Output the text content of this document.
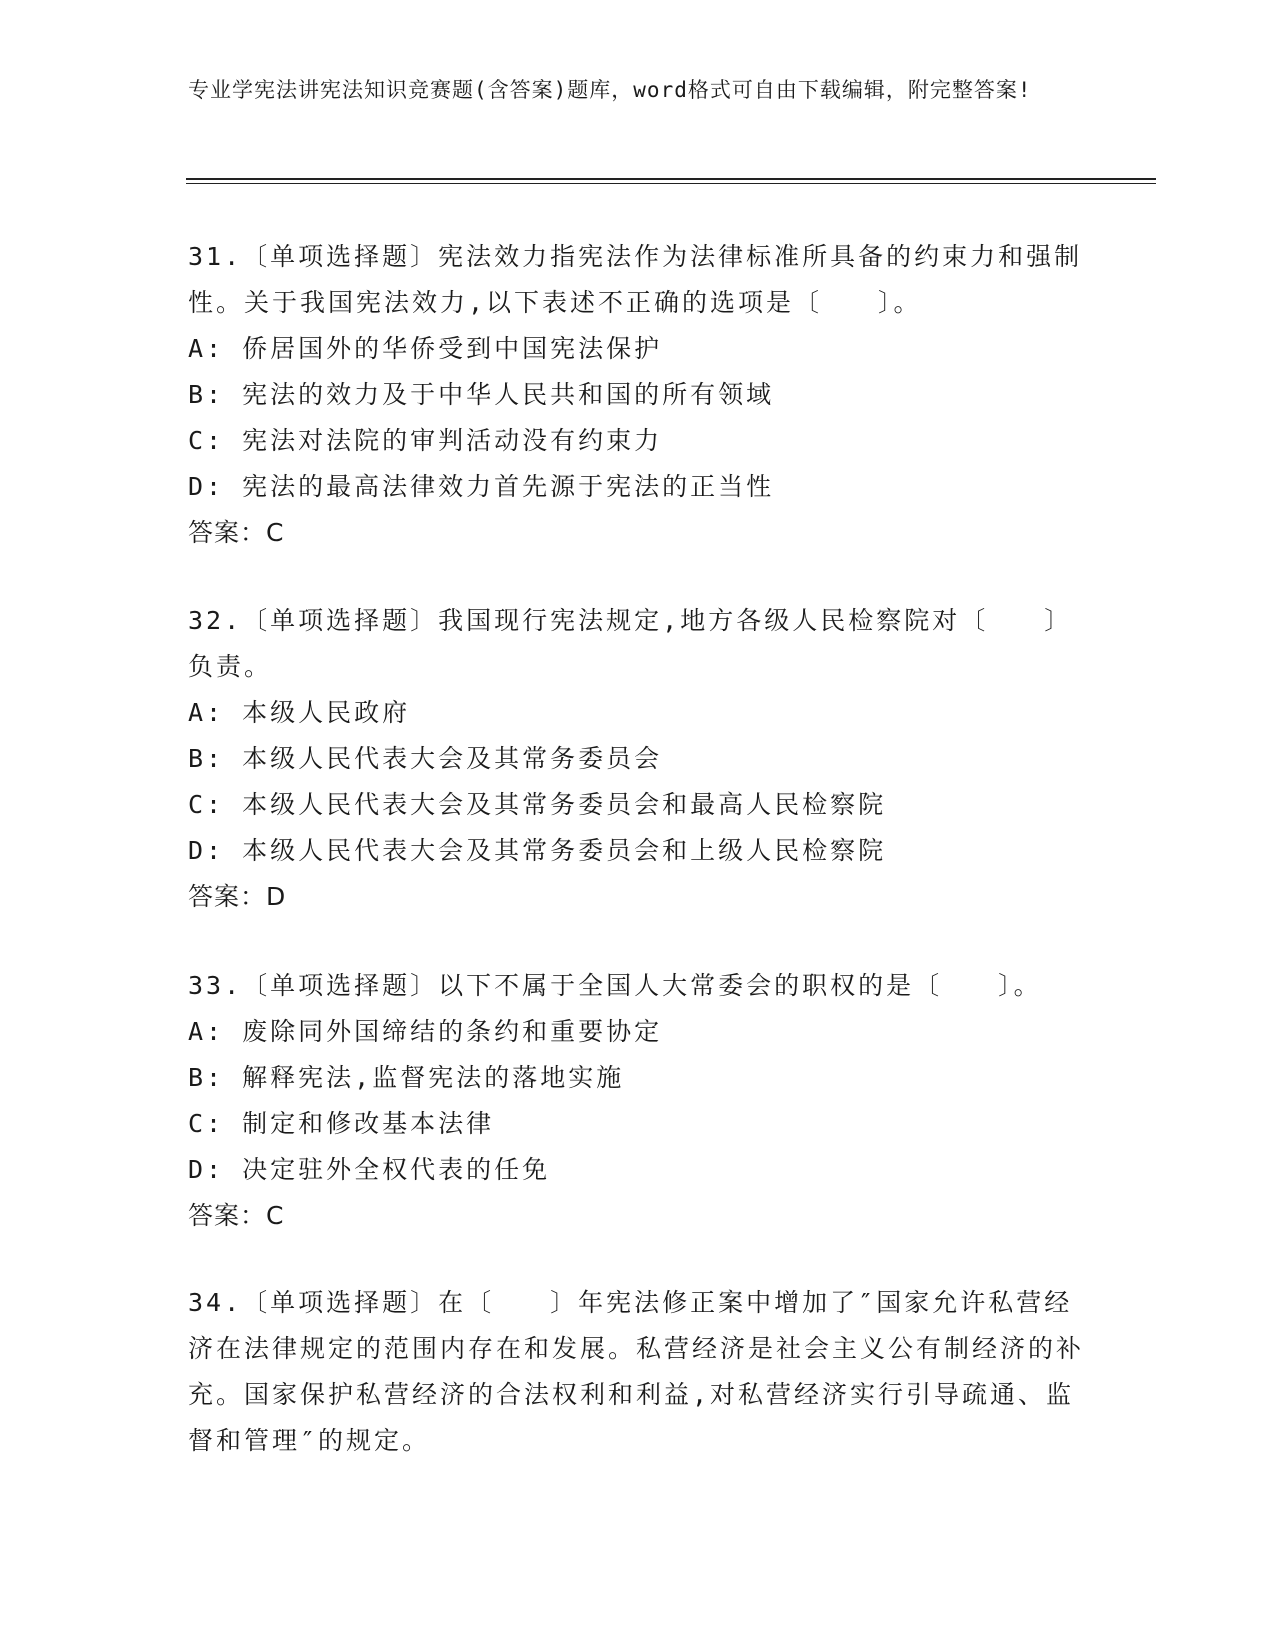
专业学宪法讲宪法知识竞赛题(含答案)题库，word格式可自由下载编辑，附完整答案!

31.〔单项选择题〕宪法效力指宪法作为法律标准所具备的约束力和强制性。关于我国宪法效力,以下表述不正确的选项是〔　　〕。

A: 侨居国外的华侨受到中国宪法保护

B: 宪法的效力及于中华人民共和国的所有领域

C: 宪法对法院的审判活动没有约束力

D: 宪法的最高法律效力首先源于宪法的正当性

答案：C

32.〔单项选择题〕我国现行宪法规定,地方各级人民检察院对〔　　〕负责。

A: 本级人民政府

B: 本级人民代表大会及其常务委员会

C: 本级人民代表大会及其常务委员会和最高人民检察院

D: 本级人民代表大会及其常务委员会和上级人民检察院

答案：D

33.〔单项选择题〕以下不属于全国人大常委会的职权的是〔　　〕。

A: 废除同外国缔结的条约和重要协定

B: 解释宪法,监督宪法的落地实施

C: 制定和修改基本法律

D: 决定驻外全权代表的任免

答案：C

34.〔单项选择题〕在〔　　〕年宪法修正案中增加了″国家允许私营经济在法律规定的范围内存在和发展。私营经济是社会主义公有制经济的补充。国家保护私营经济的合法权利和利益,对私营经济实行引导疏通、监督和管理″的规定。
